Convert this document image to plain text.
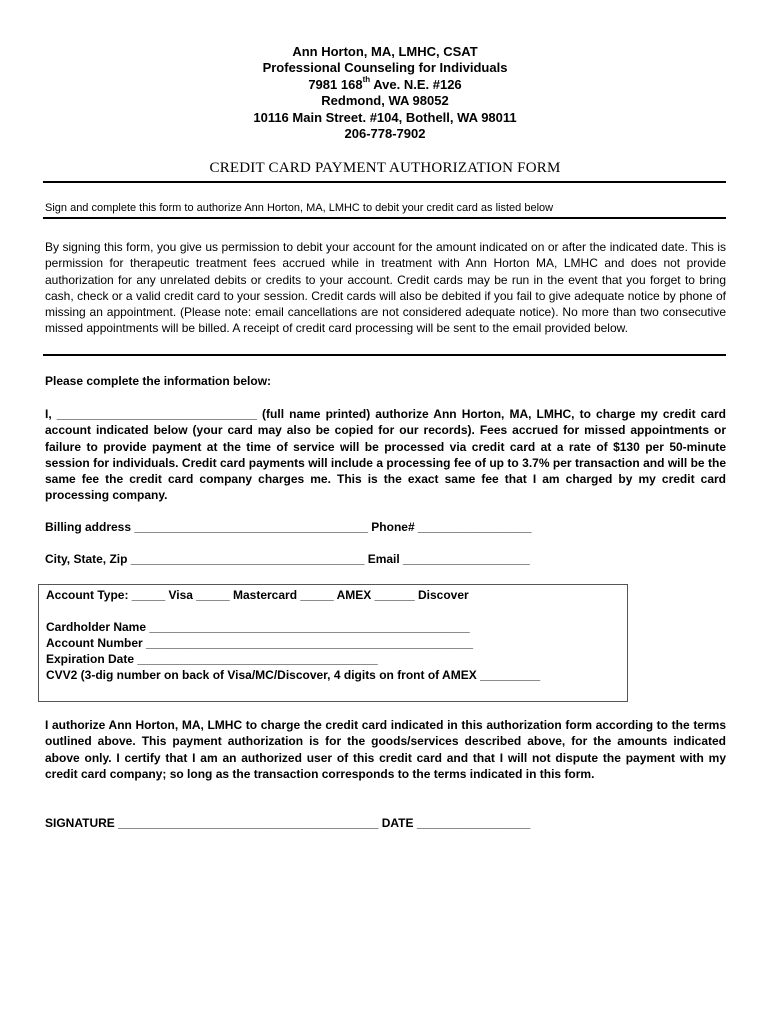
Ann Horton, MA, LMHC, CSAT
Professional Counseling for Individuals
7981 168th Ave. N.E. #126
Redmond, WA 98052
10116 Main Street. #104, Bothell, WA 98011
206-778-7902
CREDIT CARD PAYMENT AUTHORIZATION FORM
Sign and complete this form to authorize Ann Horton, MA, LMHC to debit your credit card as listed below

By signing this form, you give us permission to debit your account for the amount indicated on or after the indicated date. This is permission for therapeutic treatment fees accrued while in treatment with Ann Horton MA, LMHC and does not provide authorization for any unrelated debits or credits to your account. Credit cards may be run in the event that you forget to bring cash, check or a valid credit card to your session. Credit cards will also be debited if you fail to give adequate notice by phone of missing an appointment. (Please note: email cancellations are not considered adequate notice). No more than two consecutive missed appointments will be billed. A receipt of credit card processing will be sent to the email provided below.

Please complete the information below:

I, ______________________________ (full name printed) authorize Ann Horton, MA, LMHC, to charge my credit card account indicated below (your card may also be copied for our records). Fees accrued for missed appointments or failure to provide payment at the time of service will be processed via credit card at a rate of $130 per 50-minute session for individuals. Credit card payments will include a processing fee of up to 3.7% per transaction and will be the same fee the credit card company charges me. This is the exact same fee that I am charged by my credit card processing company.

Billing address ___________________________________ Phone# _________________
City, State, Zip ___________________________________ Email ___________________
Account Type: _____ Visa _____ Mastercard _____ AMEX ______ Discover
Cardholder Name ________________________________________________
Account Number _________________________________________________
Expiration Date ____________________________________
CVV2 (3-dig number on back of Visa/MC/Discover, 4 digits on front of AMEX _________

I authorize Ann Horton, MA, LMHC to charge the credit card indicated in this authorization form according to the terms outlined above. This payment authorization is for the goods/services described above, for the amounts indicated above only. I certify that I am an authorized user of this credit card and that I will not dispute the payment with my credit card company; so long as the transaction corresponds to the terms indicated in this form.

SIGNATURE _______________________________________ DATE _________________
